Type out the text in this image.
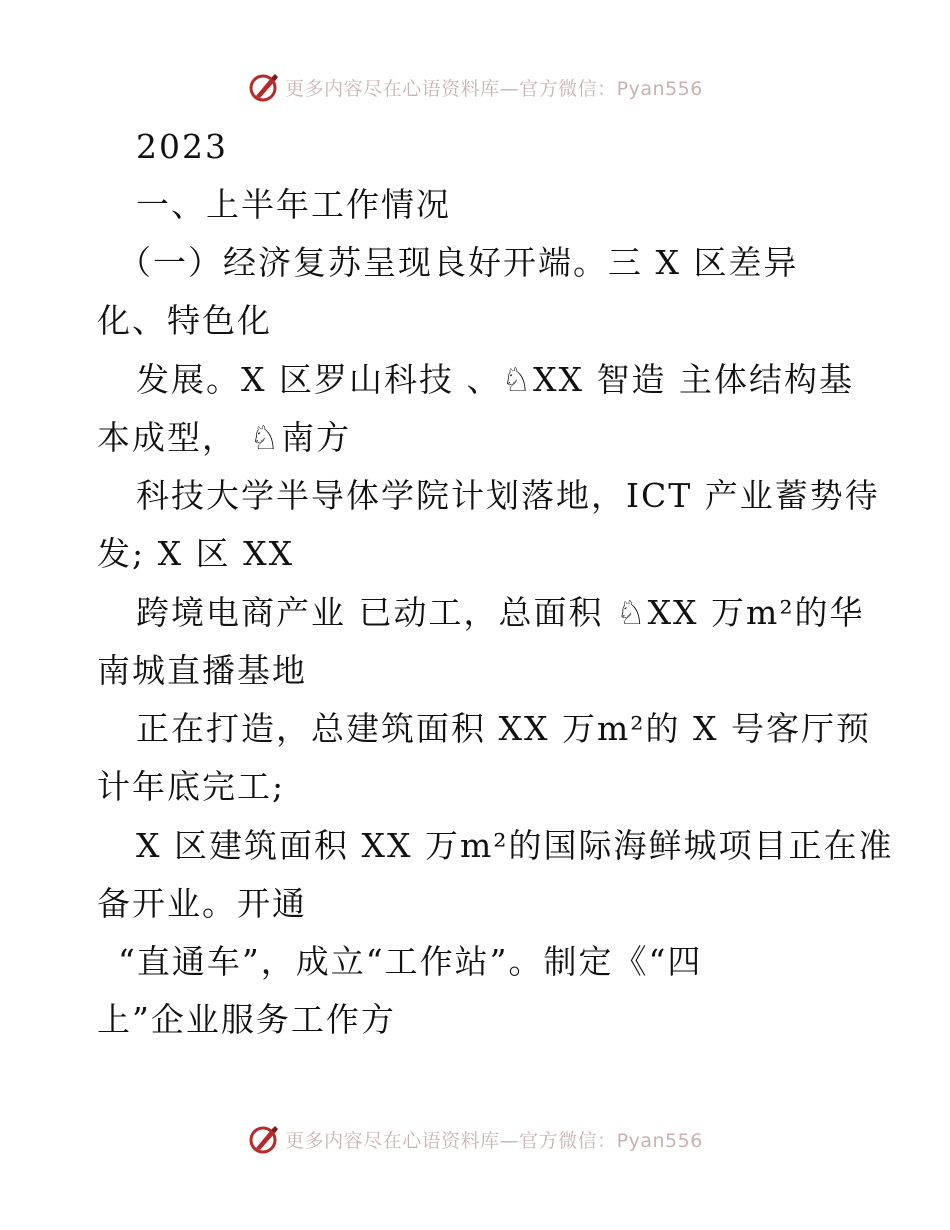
更多内容尽在心语资料库—官方微信：Pyan556
2023
一、上半年工作情况
（一）经济复苏呈现良好开端。三 X 区差异
化、特色化
发展。X 区罗山科技 、♘XX 智造 主体结构基
本成型， ♘南方
科技大学半导体学院计划落地，ICT 产业蓄势待
发; X 区 XX
跨境电商产业 已动工，总面积 ♘XX 万m²的华
南城直播基地
正在打造，总建筑面积 XX 万m²的 X 号客厅预
计年底完工;
X 区建筑面积 XX 万m²的国际海鲜城项目正在准
备开业。开通
“直通车”，成立“工作站”。制定《“四
上”企业服务工作方
更多内容尽在心语资料库—官方微信：Pyan556
